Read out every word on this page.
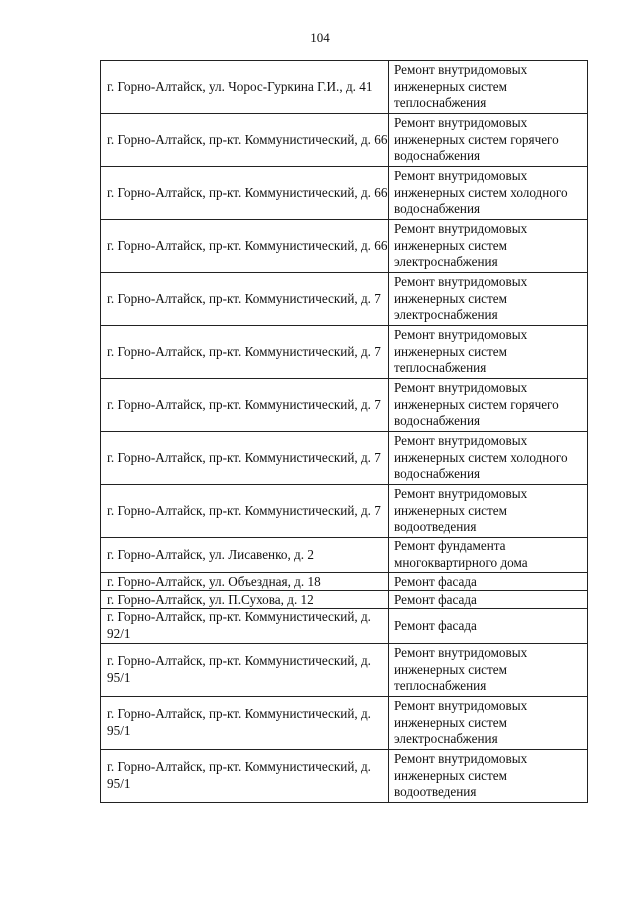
104
г. Горно-Алтайск, ул. Чорос-Гуркина Г.И., д. 41	Ремонт внутридомовых инженерных систем теплоснабжения
г. Горно-Алтайск, пр-кт. Коммунистический, д. 66	Ремонт внутридомовых инженерных систем горячего водоснабжения
г. Горно-Алтайск, пр-кт. Коммунистический, д. 66	Ремонт внутридомовых инженерных систем холодного водоснабжения
г. Горно-Алтайск, пр-кт. Коммунистический, д. 66	Ремонт внутридомовых инженерных систем электроснабжения
г. Горно-Алтайск, пр-кт. Коммунистический, д. 7	Ремонт внутридомовых инженерных систем электроснабжения
г. Горно-Алтайск, пр-кт. Коммунистический, д. 7	Ремонт внутридомовых инженерных систем теплоснабжения
г. Горно-Алтайск, пр-кт. Коммунистический, д. 7	Ремонт внутридомовых инженерных систем горячего водоснабжения
г. Горно-Алтайск, пр-кт. Коммунистический, д. 7	Ремонт внутридомовых инженерных систем холодного водоснабжения
г. Горно-Алтайск, пр-кт. Коммунистический, д. 7	Ремонт внутридомовых инженерных систем водоотведения
г. Горно-Алтайск, ул. Лисавенко, д. 2	Ремонт фундамента многоквартирного дома
г. Горно-Алтайск, ул. Объездная, д. 18	Ремонт фасада
г. Горно-Алтайск, ул. П.Сухова, д. 12	Ремонт фасада
г. Горно-Алтайск, пр-кт. Коммунистический, д. 92/1	Ремонт фасада
г. Горно-Алтайск, пр-кт. Коммунистический, д. 95/1	Ремонт внутридомовых инженерных систем теплоснабжения
г. Горно-Алтайск, пр-кт. Коммунистический, д. 95/1	Ремонт внутридомовых инженерных систем электроснабжения
г. Горно-Алтайск, пр-кт. Коммунистический, д. 95/1	Ремонт внутридомовых инженерных систем водоотведения
